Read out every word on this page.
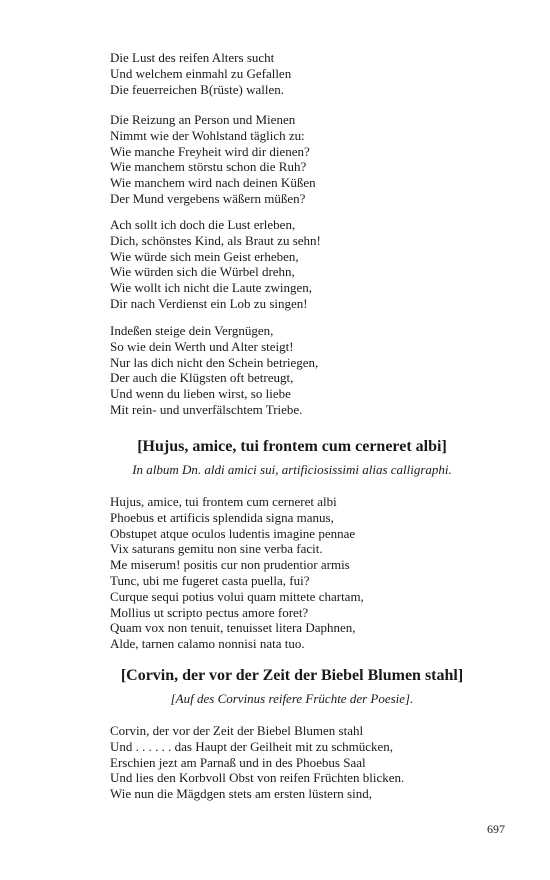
Die Lust des reifen Alters sucht
Und welchem einmahl zu Gefallen
Die feuerreichen B(rüste) wallen.
Die Reizung an Person und Mienen
Nimmt wie der Wohlstand täglich zu:
Wie manche Freyheit wird dir dienen?
Wie manchem störstu schon die Ruh?
Wie manchem wird nach deinen Küßen
Der Mund vergebens wäßern müßen?
Ach sollt ich doch die Lust erleben,
Dich, schönstes Kind, als Braut zu sehn!
Wie würde sich mein Geist erheben,
Wie würden sich die Würbel drehn,
Wie wollt ich nicht die Laute zwingen,
Dir nach Verdienst ein Lob zu singen!
Indeßen steige dein Vergnügen,
So wie dein Werth und Alter steigt!
Nur las dich nicht den Schein betriegen,
Der auch die Klügsten oft betreugt,
Und wenn du lieben wirst, so liebe
Mit rein- und unverfälschtem Triebe.
[Hujus, amice, tui frontem cum cerneret albi]

In album Dn. aldi amici sui, artificiosissimi alias calligraphi.

Hujus, amice, tui frontem cum cerneret albi
Phoebus et artificis splendida signa manus,
Obstupet atque oculos ludentis imagine pennae
Vix saturans gemitu non sine verba facit.
Me miserum! positis cur non prudentior armis
Tunc, ubi me fugeret casta puella, fui?
Curque sequi potius volui quam mittete chartam,
Mollius ut scripto pectus amore foret?
Quam vox non tenuit, tenuisset litera Daphnen,
Alde, tarnen calamo nonnisi nata tuo.
[Corvin, der vor der Zeit der Biebel Blumen stahl]

[Auf des Corvinus reifere Früchte der Poesie].

Corvin, der vor der Zeit der Biebel Blumen stahl
Und . . . . . . das Haupt der Geilheit mit zu schmücken,
Erschien jezt am Parnaß und in des Phoebus Saal
Und lies den Korbvoll Obst von reifen Früchten blicken.
Wie nun die Mägdgen stets am ersten lüstern sind,
697
